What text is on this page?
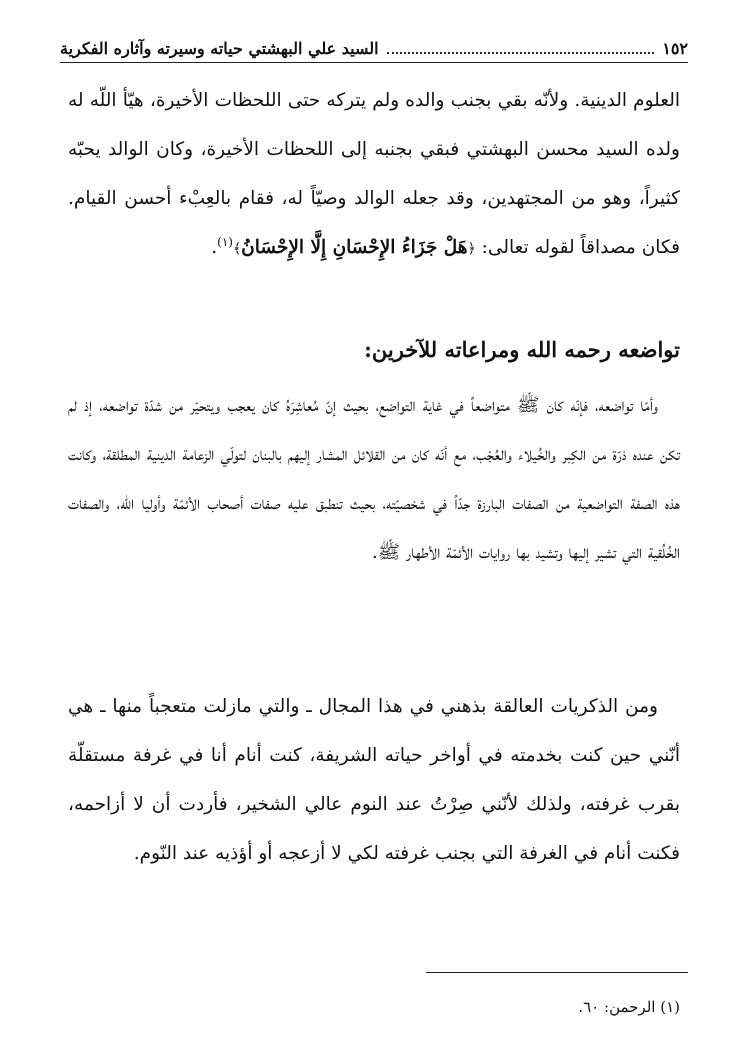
١٥٢
السيد علي البهشتي حياته وسيرته وآثاره الفكرية

العلوم الدينية. ولأنّه بقي بجنب والده ولم يتركه حتى اللحظات الأخيرة، هيّأ اللّه له ولده السيد محسن البهشتي فبقي بجنبه إلى اللحظات الأخيرة، وكان الوالد يحبّه كثيراً، وهو من المجتهدين، وقد جعله الوالد وصيّاً له، فقام بالعِبْء أحسن القيام. فكان مصداقاً لقوله تعالى: ﴿هَلْ جَزَاءُ الإِحْسَانِ إِلَّا الإِحْسَانُ﴾$^{(١)}$.

تواضعه رحمه الله ومراعاته للآخرين:

وأمّا تواضعه، فإنّه كان ﷺ متواضعاً في غاية التواضع، بحيث إنّ مُعاشِرَهُ كان يعجب ويتحيّر من شدّة تواضعه، إذ لم تكن عنده ذرّة من الكِبر والخُيلاء والعُجْب، مع أنّه كان من القلائل المشار إليهم بالبنان لتولّي الزعامة الدينية المطلقة، وكانت هذه الصفة التواضعية من الصفات البارزة جدّاً في شخصيّته، بحيث تنطبق عليه صفات أصحاب الأئمّة وأوليا الله، والصفات الخُلُقية التي تشير إليها وتشيد بها روايات الأئمّة الأطهار ﷺ.

ومن الذكريات العالقة بذهني في هذا المجال ـ والتي مازلت متعجباً منها ـ هي أنّني حين كنت بخدمته في أواخر حياته الشريفة، كنت أنام أنا في غرفة مستقلّة بقرب غرفته، ولذلك لأنّني صِرْتُ عند النوم عالي الشخير، فأردت أن لا أزاحمه، فكنت أنام في الغرفة التي بجنب غرفته لكي لا أزعجه أو أؤذيه عند النّوم.

(١) الرحمن: ٦٠.
